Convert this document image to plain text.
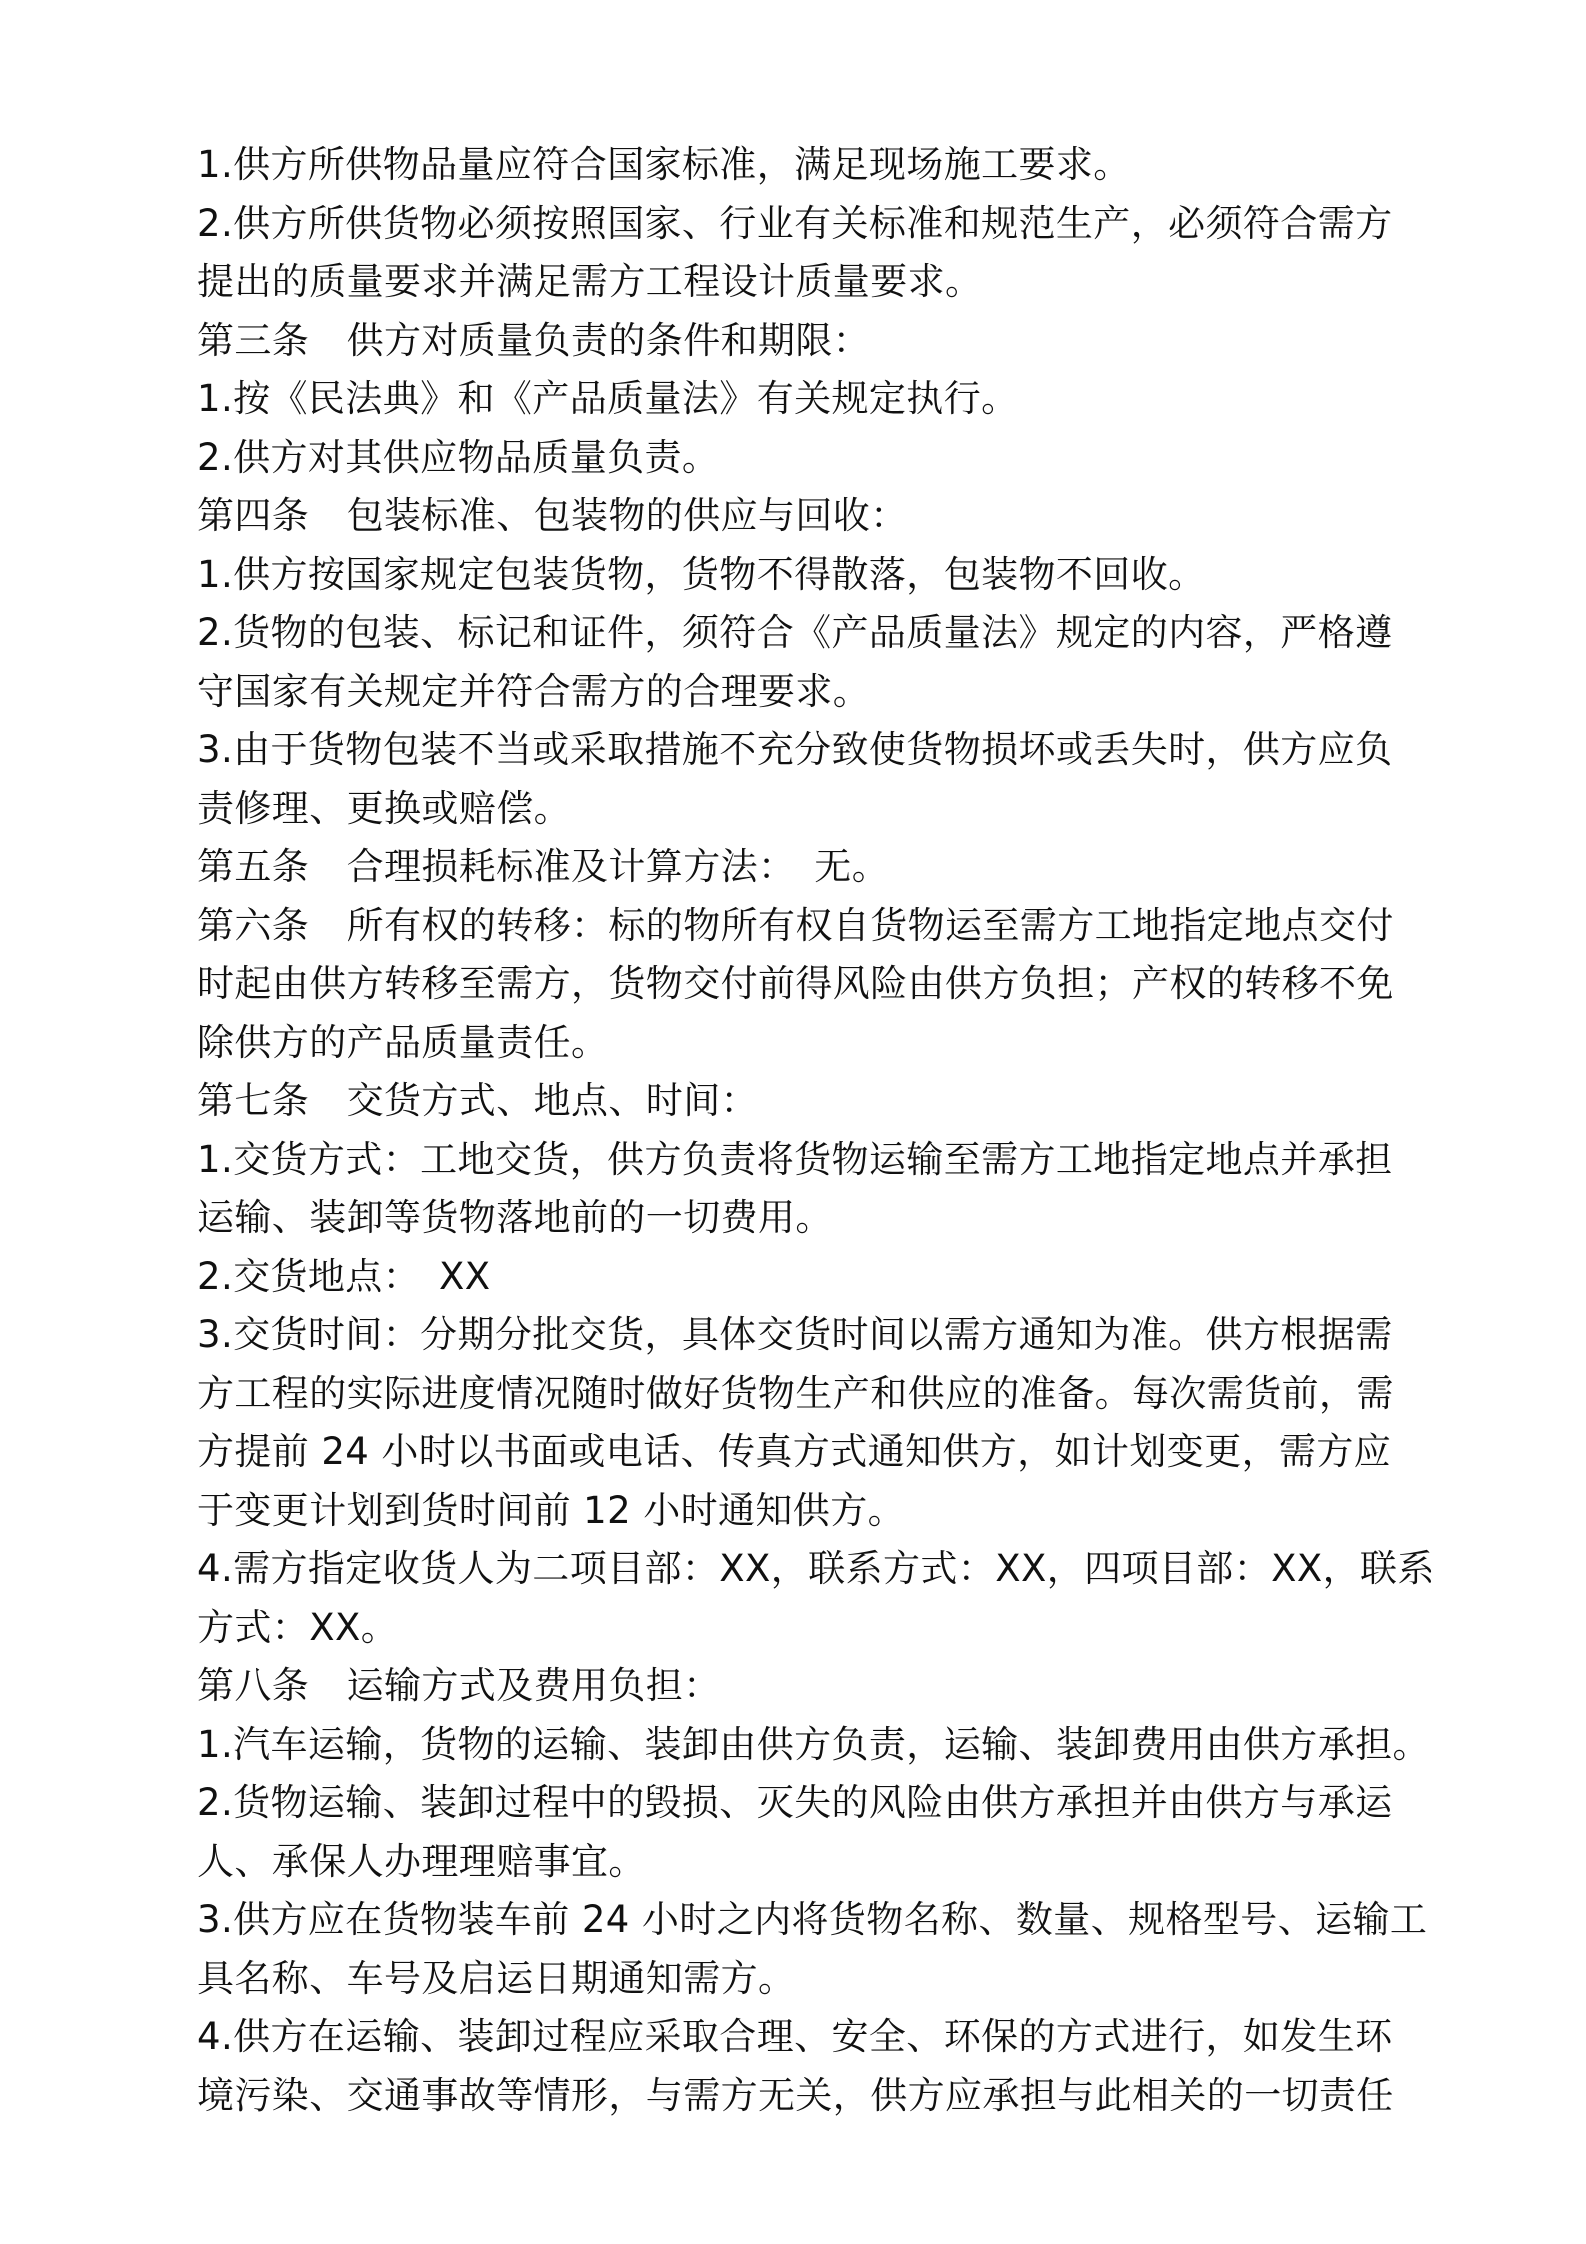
1.供方所供物品量应符合国家标准，满足现场施工要求。
2.供方所供货物必须按照国家、行业有关标准和规范生产，必须符合需方
提出的质量要求并满足需方工程设计质量要求。
第三条　供方对质量负责的条件和期限：
1.按《民法典》和《产品质量法》有关规定执行。
2.供方对其供应物品质量负责。
第四条　包装标准、包装物的供应与回收：
1.供方按国家规定包装货物，货物不得散落，包装物不回收。
2.货物的包装、标记和证件，须符合《产品质量法》规定的内容，严格遵
守国家有关规定并符合需方的合理要求。
3.由于货物包装不当或采取措施不充分致使货物损坏或丢失时，供方应负
责修理、更换或赔偿。
第五条　合理损耗标准及计算方法：　无。
第六条　所有权的转移：标的物所有权自货物运至需方工地指定地点交付
时起由供方转移至需方，货物交付前得风险由供方负担；产权的转移不免
除供方的产品质量责任。
第七条　交货方式、地点、时间：
1.交货方式：工地交货，供方负责将货物运输至需方工地指定地点并承担
运输、装卸等货物落地前的一切费用。
2.交货地点：　XX
3.交货时间：分期分批交货，具体交货时间以需方通知为准。供方根据需
方工程的实际进度情况随时做好货物生产和供应的准备。每次需货前，需
方提前 24 小时以书面或电话、传真方式通知供方，如计划变更，需方应
于变更计划到货时间前 12 小时通知供方。
4.需方指定收货人为二项目部：XX，联系方式：XX，四项目部：XX，联系
方式：XX。
第八条　运输方式及费用负担：
1.汽车运输，货物的运输、装卸由供方负责，运输、装卸费用由供方承担。
2.货物运输、装卸过程中的毁损、灭失的风险由供方承担并由供方与承运
人、承保人办理理赔事宜。
3.供方应在货物装车前 24 小时之内将货物名称、数量、规格型号、运输工
具名称、车号及启运日期通知需方。
4.供方在运输、装卸过程应采取合理、安全、环保的方式进行，如发生环
境污染、交通事故等情形，与需方无关，供方应承担与此相关的一切责任
